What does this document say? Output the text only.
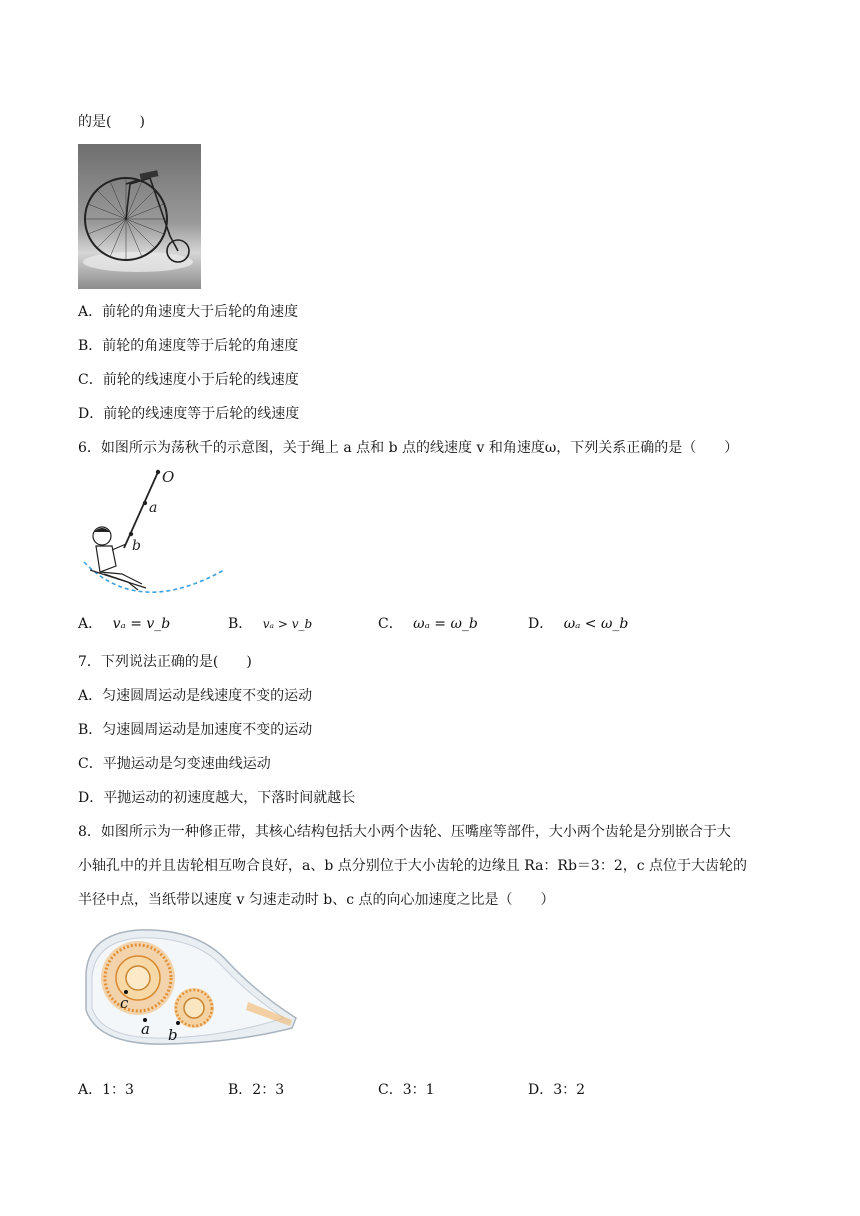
的是(　　)
A．前轮的角速度大于后轮的角速度
B．前轮的角速度等于后轮的角速度
C．前轮的线速度小于后轮的线速度
D．前轮的线速度等于后轮的线速度
6．如图所示为荡秋千的示意图，关于绳上 a 点和 b 点的线速度 v 和角速度ω，下列关系正确的是（　　）
O
a
b
A． vₐ = v_b	B． vₐ > v_b	C． ωₐ = ω_b	D． ωₐ < ω_b
7．下列说法正确的是(　　)
A．匀速圆周运动是线速度不变的运动
B．匀速圆周运动是加速度不变的运动
C．平抛运动是匀变速曲线运动
D．平抛运动的初速度越大，下落时间就越长
8．如图所示为一种修正带，其核心结构包括大小两个齿轮、压嘴座等部件，大小两个齿轮是分别嵌合于大
小轴孔中的并且齿轮相互吻合良好，a、b 点分别位于大小齿轮的边缘且 Ra：Rb＝3：2，c 点位于大齿轮的
半径中点，当纸带以速度 v 匀速走动时 b、c 点的向心加速度之比是（　　）
c
a b
A．1：3	B．2：3	C．3：1	D．3：2
